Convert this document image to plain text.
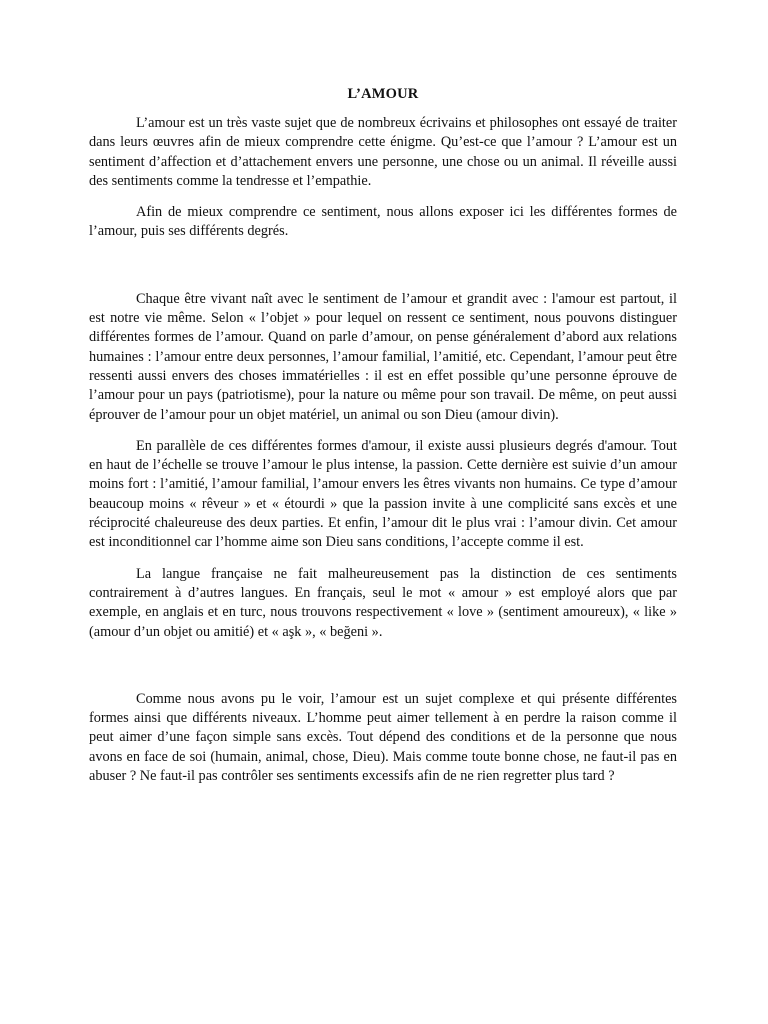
L’AMOUR

L’amour est un très vaste sujet que de nombreux écrivains et philosophes ont essayé de traiter dans leurs œuvres afin de mieux comprendre cette énigme. Qu’est-ce que l’amour ? L’amour est un sentiment d’affection et d’attachement envers une personne, une chose ou un animal. Il réveille aussi des sentiments comme la tendresse et l’empathie.

Afin de mieux comprendre ce sentiment, nous allons exposer ici les différentes formes de l’amour, puis ses différents degrés.

Chaque être vivant naît avec le sentiment de l’amour et grandit avec : l'amour est partout, il est notre vie même. Selon « l’objet » pour lequel on ressent ce sentiment, nous pouvons distinguer différentes formes de l’amour. Quand on parle d’amour, on pense généralement d’abord aux relations humaines : l’amour entre deux personnes, l’amour familial, l’amitié, etc. Cependant, l’amour peut être ressenti aussi envers des choses immatérielles : il est en effet possible qu’une personne éprouve de l’amour pour un pays (patriotisme), pour la nature ou même pour son travail. De même, on peut aussi éprouver de l’amour pour un objet matériel, un animal ou son Dieu (amour divin).

En parallèle de ces différentes formes d'amour, il existe aussi plusieurs degrés d'amour. Tout en haut de l’échelle se trouve l’amour le plus intense, la passion. Cette dernière est suivie d’un amour moins fort : l’amitié, l’amour familial, l’amour envers les êtres vivants non humains. Ce type d’amour beaucoup moins « rêveur » et « étourdi » que la passion invite à une complicité sans excès et une réciprocité chaleureuse des deux parties. Et enfin, l’amour dit le plus vrai : l’amour divin. Cet amour est inconditionnel car l’homme aime son Dieu sans conditions, l’accepte comme il est.

La langue française ne fait malheureusement pas la distinction de ces sentiments contrairement à d’autres langues. En français, seul le mot « amour » est employé alors que par exemple, en anglais et en turc, nous trouvons respectivement « love » (sentiment amoureux), « like » (amour d’un objet ou amitié) et « aşk », « beğeni ».

Comme nous avons pu le voir, l’amour est un sujet complexe et qui présente différentes formes ainsi que différents niveaux. L’homme peut aimer tellement à en perdre la raison comme il peut aimer d’une façon simple sans excès. Tout dépend des conditions et de la personne que nous avons en face de soi (humain, animal, chose, Dieu). Mais comme toute bonne chose, ne faut-il pas en abuser ? Ne faut-il pas contrôler ses sentiments excessifs afin de ne rien regretter plus tard ?
